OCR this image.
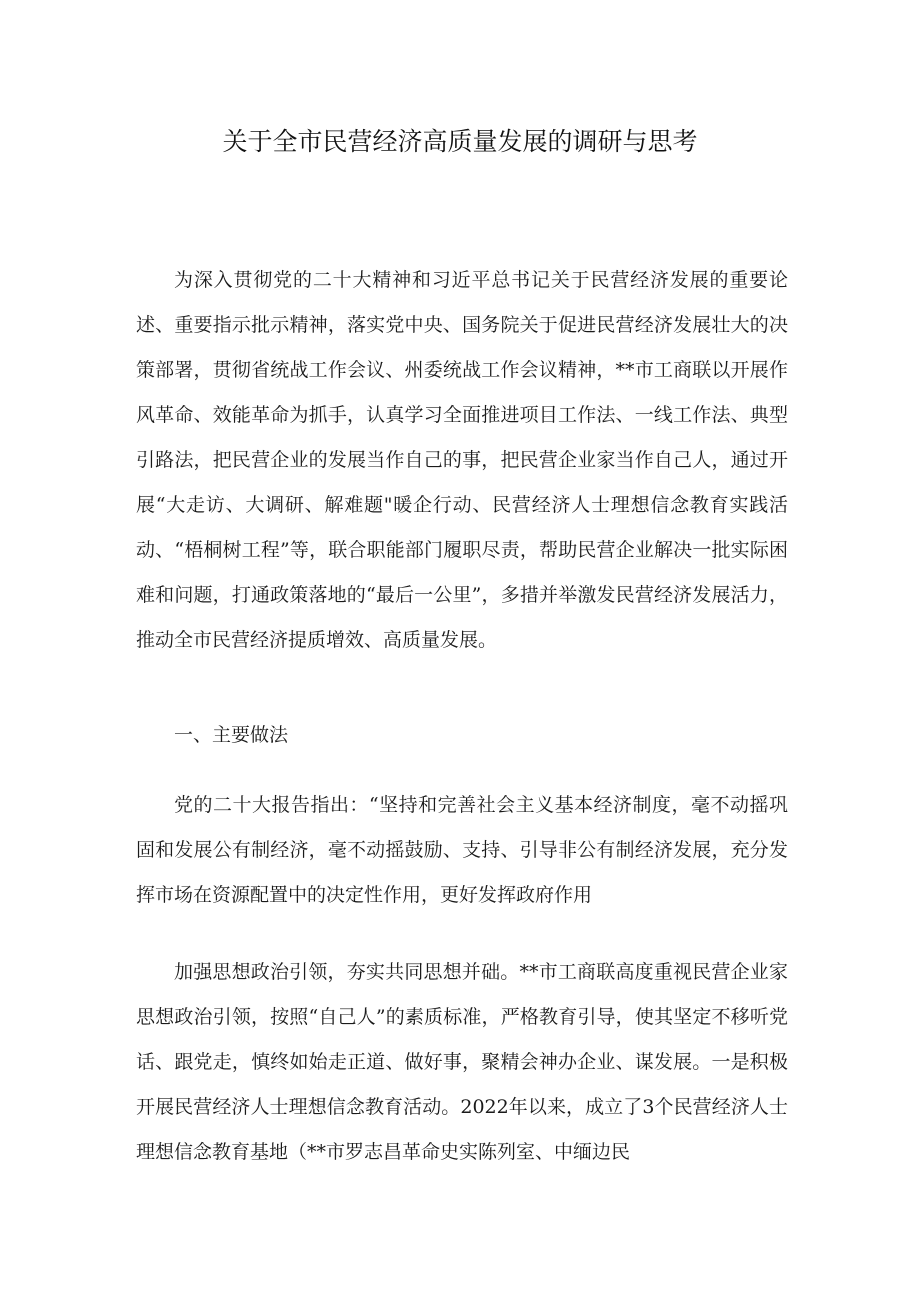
关于全市民营经济高质量发展的调研与思考

为深入贯彻党的二十大精神和习近平总书记关于民营经济发展的重要论述、重要指示批示精神，落实党中央、国务院关于促进民营经济发展壮大的决策部署，贯彻省统战工作会议、州委统战工作会议精神，**市工商联以开展作风革命、效能革命为抓手，认真学习全面推进项目工作法、一线工作法、典型引路法，把民营企业的发展当作自己的事，把民营企业家当作自己人，通过开展“大走访、大调研、解难题"暖企行动、民营经济人士理想信念教育实践活动、“梧桐树工程”等，联合职能部门履职尽责，帮助民营企业解决一批实际困难和问题，打通政策落地的“最后一公里”，多措并举激发民营经济发展活力，推动全市民营经济提质增效、高质量发展。

一、主要做法

党的二十大报告指出：“坚持和完善社会主义基本经济制度，毫不动摇巩固和发展公有制经济，毫不动摇鼓励、支持、引导非公有制经济发展，充分发挥市场在资源配置中的决定性作用，更好发挥政府作用

加强思想政治引领，夯实共同思想并础。**市工商联高度重视民营企业家思想政治引领，按照“自己人”的素质标准，严格教育引导，使其坚定不移听党话、跟党走，慎终如始走正道、做好事，聚精会神办企业、谋发展。一是积极开展民营经济人士理想信念教育活动。2022年以来，成立了3个民营经济人士理想信念教育基地（**市罗志昌革命史实陈列室、中缅边民
